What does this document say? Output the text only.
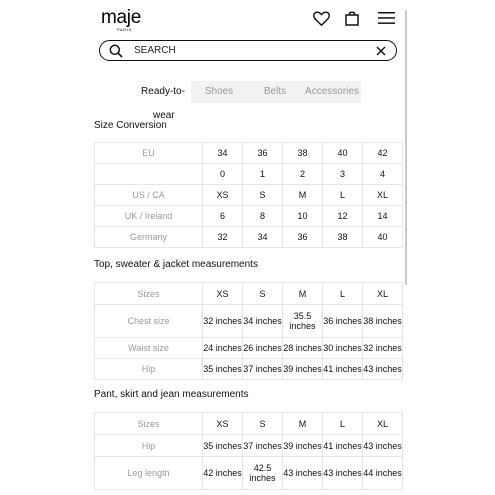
maje
PARIS
SEARCH
Ready-to-	Shoes	Belts	Accessories
wear
Size Conversion
EU	34	36	38	40	42
	0	1	2	3	4
US / CA	XS	S	M	L	XL
UK / Ireland	6	8	10	12	14
Germany	32	34	36	38	40
Top, sweater & jacket measurements
Sizes	XS	S	M	L	XL
Chest size	32 inches	34 inches	35.5 inches	36 inches	38 inches
Waist size	24 inches	26 inches	28 inches	30 inches	32 inches
Hip	35 inches	37 inches	39 inches	41 inches	43 inches
Pant, skirt and jean measurements
Sizes	XS	S	M	L	XL
Hip	35 inches	37 inches	39 inches	41 inches	43 inches
Leg length	42 inches	42.5 inches	43 inches	43 inches	44 inches
